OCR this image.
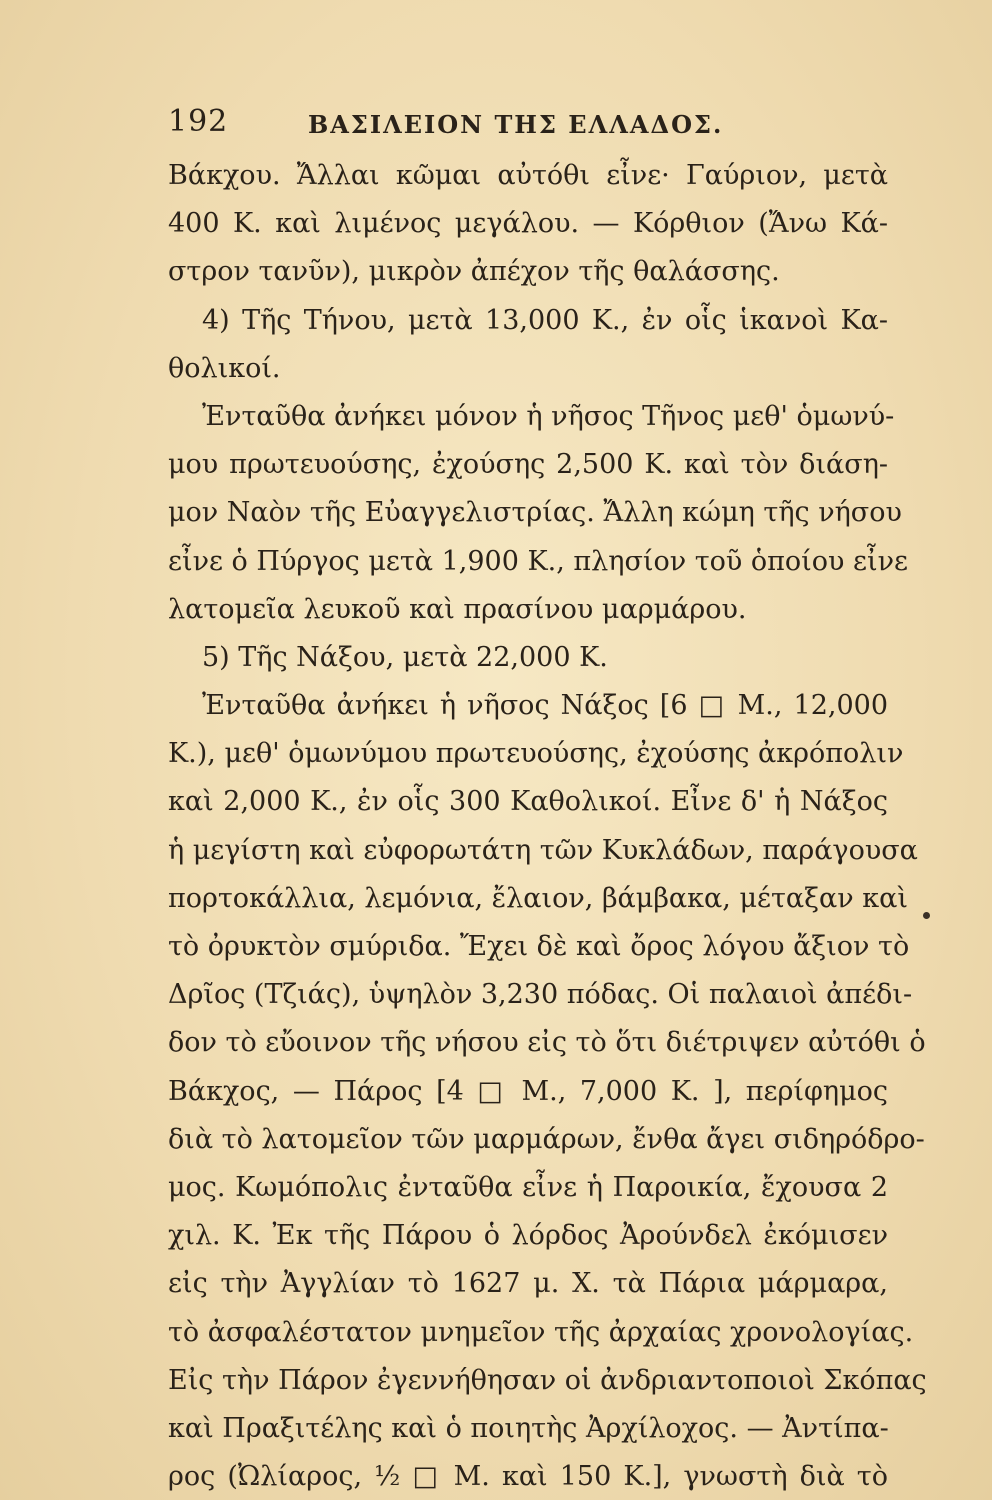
192	ΒΑΣΙΛΕΙΟΝ ΤΗΣ ΕΛΛΑΔΟΣ.
Βάκχου. Ἄλλαι κῶμαι αὐτόθι εἶνε· Γαύριον, μετὰ
400 Κ. καὶ λιμένος μεγάλου. — Κόρθιον (Ἄνω Κά-
στρον τανῦν), μικρὸν ἀπέχον τῆς θαλάσσης.
4) Τῆς Τήνου, μετὰ 13,000 Κ., ἐν οἷς ἱκανοὶ Κα-
θολικοί.
Ἐνταῦθα ἀνήκει μόνον ἡ νῆσος Τῆνος μεθ' ὁμωνύ-
μου πρωτευούσης, ἐχούσης 2,500 Κ. καὶ τὸν διάση-
μον Ναὸν τῆς Εὐαγγελιστρίας. Ἄλλη κώμη τῆς νήσου
εἶνε ὁ Πύργος μετὰ 1,900 Κ., πλησίον τοῦ ὁποίου εἶνε
λατομεῖα λευκοῦ καὶ πρασίνου μαρμάρου.
5) Τῆς Νάξου, μετὰ 22,000 Κ.
Ἐνταῦθα ἀνήκει ἡ νῆσος Νάξος [6 □ Μ., 12,000
Κ.), μεθ' ὁμωνύμου πρωτευούσης, ἐχούσης ἀκρόπολιν
καὶ 2,000 Κ., ἐν οἷς 300 Καθολικοί. Εἶνε δ' ἡ Νάξος
ἡ μεγίστη καὶ εὐφορωτάτη τῶν Κυκλάδων, παράγουσα
πορτοκάλλια, λεμόνια, ἔλαιον, βάμβακα, μέταξαν καὶ
τὸ ὀρυκτὸν σμύριδα. Ἔχει δὲ καὶ ὄρος λόγου ἄξιον τὸ
Δρῖος (Τζιάς), ὑψηλὸν 3,230 πόδας. Οἱ παλαιοὶ ἀπέδι-
δον τὸ εὔοινον τῆς νήσου εἰς τὸ ὅτι διέτριψεν αὐτόθι ὁ
Βάκχος, — Πάρος [4 □ Μ., 7,000 Κ. ], περίφημος
διὰ τὸ λατομεῖον τῶν μαρμάρων, ἔνθα ἄγει σιδηρόδρο-
μος. Κωμόπολις ἐνταῦθα εἶνε ἡ Παροικία, ἔχουσα 2
χιλ. Κ. Ἐκ τῆς Πάρου ὁ λόρδος Ἀρούνδελ ἐκόμισεν
εἰς τὴν Ἀγγλίαν τὸ 1627 μ. Χ. τὰ Πάρια μάρμαρα,
τὸ ἀσφαλέστατον μνημεῖον τῆς ἀρχαίας χρονολογίας.
Εἰς τὴν Πάρον ἐγεννήθησαν οἱ ἀνδριαντοποιοὶ Σκόπας
καὶ Πραξιτέλης καὶ ὁ ποιητὴς Ἀρχίλοχος. — Ἀντίπα-
ρος (Ὠλίαρος, ½ □ Μ. καὶ 150 Κ.], γνωστὴ διὰ τὸ
